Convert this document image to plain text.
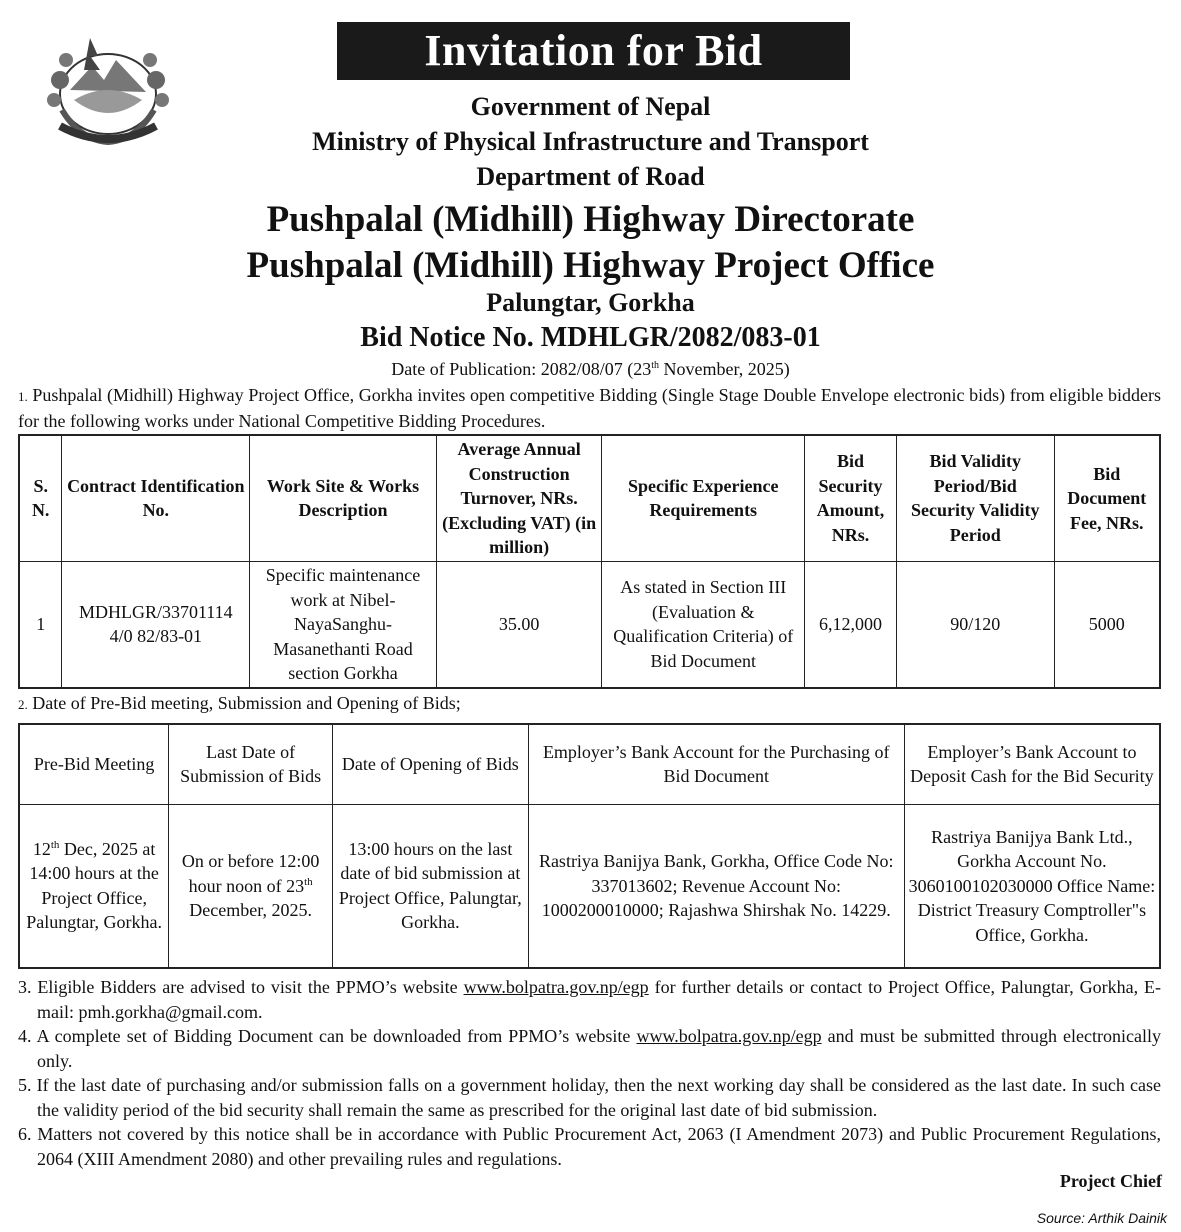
Invitation for Bid
Government of Nepal
Ministry of Physical Infrastructure and Transport
Department of Road
Pushpalal (Midhill) Highway Directorate
Pushpalal (Midhill) Highway Project Office
Palungtar, Gorkha
Bid Notice No. MDHLGR/2082/083-01
Date of Publication: 2082/08/07 (23th November, 2025)
1. Pushpalal (Midhill) Highway Project Office, Gorkha invites open competitive Bidding (Single Stage Double Envelope electronic bids) from eligible bidders for the following works under National Competitive Bidding Procedures.
S. N.	Contract Identification No.	Work Site & Works Description	Average Annual Construction Turnover, NRs. (Excluding VAT) (in million)	Specific Experience Requirements	Bid Security Amount, NRs.	Bid Validity Period/Bid Security Validity Period	Bid Document Fee, NRs.
1	MDHLGR/33701114 4/0 82/83-01	Specific maintenance work at Nibel-NayaSanghu-Masanethanti Road section Gorkha	35.00	As stated in Section III (Evaluation & Qualification Criteria) of Bid Document	6,12,000	90/120	5000
2. Date of Pre-Bid meeting, Submission and Opening of Bids;
Pre-Bid Meeting	Last Date of Submission of Bids	Date of Opening of Bids	Employer’s Bank Account for the Purchasing of Bid Document	Employer’s Bank Account to Deposit Cash for the Bid Security
12th Dec, 2025 at 14:00 hours at the Project Office, Palungtar, Gorkha.	On or before 12:00 hour noon of 23th December, 2025.	13:00 hours on the last date of bid submission at Project Office, Palungtar, Gorkha.	Rastriya Banijya Bank, Gorkha, Office Code No: 337013602; Revenue Account No: 1000200010000; Rajashwa Shirshak No. 14229.	Rastriya Banijya Bank Ltd., Gorkha Account No. 3060100102030000 Office Name: District Treasury Comptroller"s Office, Gorkha.
3. Eligible Bidders are advised to visit the PPMO’s website www.bolpatra.gov.np/egp for further details or contact to Project Office, Palungtar, Gorkha, E-mail: pmh.gorkha@gmail.com.
4. A complete set of Bidding Document can be downloaded from PPMO’s website www.bolpatra.gov.np/egp and must be submitted through electronically only.
5. If the last date of purchasing and/or submission falls on a government holiday, then the next working day shall be considered as the last date. In such case the validity period of the bid security shall remain the same as prescribed for the original last date of bid submission.
6. Matters not covered by this notice shall be in accordance with Public Procurement Act, 2063 (I Amendment 2073) and Public Procurement Regulations, 2064 (XIII Amendment 2080) and other prevailing rules and regulations.
Project Chief
Source: Arthik Dainik
